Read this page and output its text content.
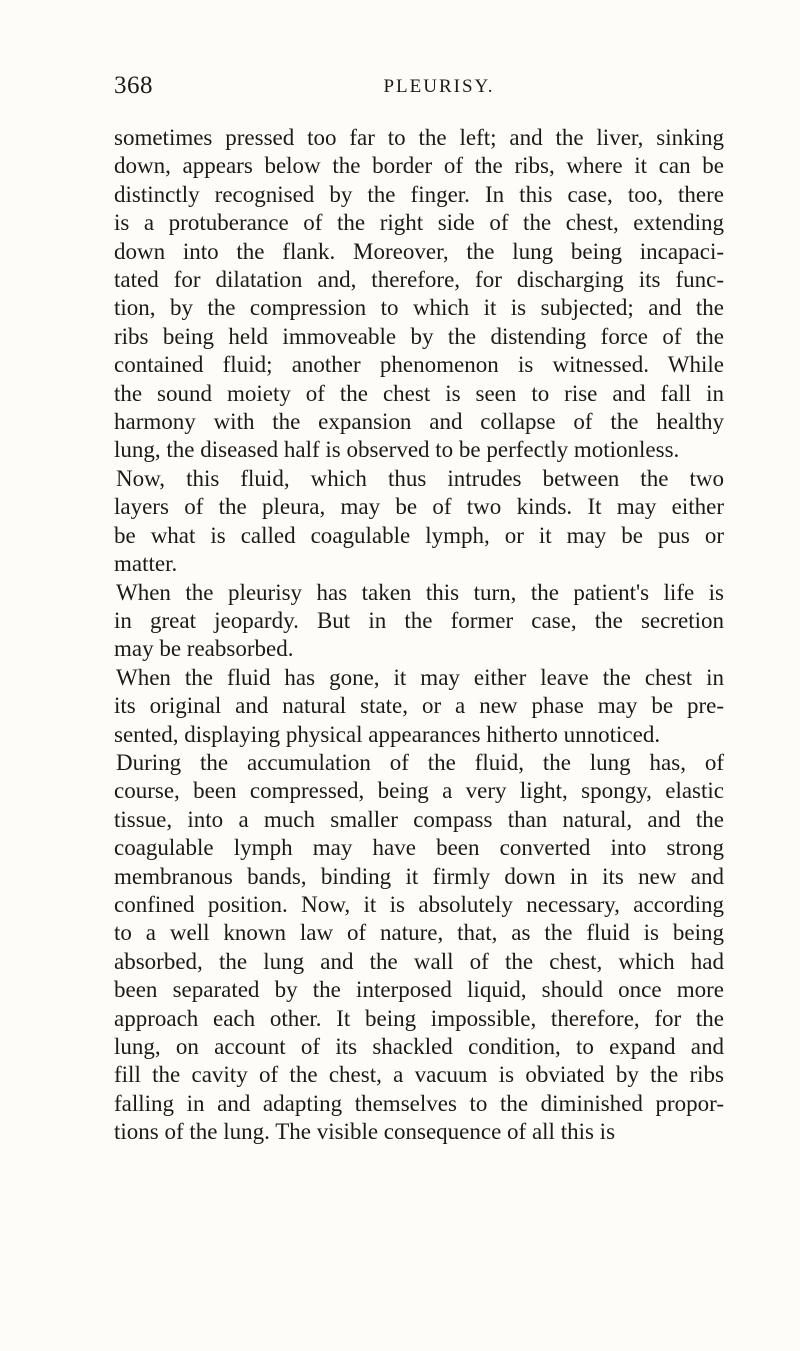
368	PLEURISY.
sometimes pressed too far to the left; and the liver, sinking
down, appears below the border of the ribs, where it can be
distinctly recognised by the finger. In this case, too, there
is a protuberance of the right side of the chest, extending
down into the flank. Moreover, the lung being incapaci-
tated for dilatation and, therefore, for discharging its func-
tion, by the compression to which it is subjected; and the
ribs being held immoveable by the distending force of the
contained fluid; another phenomenon is witnessed. While
the sound moiety of the chest is seen to rise and fall in
harmony with the expansion and collapse of the healthy
lung, the diseased half is observed to be perfectly motionless.
Now, this fluid, which thus intrudes between the two
layers of the pleura, may be of two kinds. It may either
be what is called coagulable lymph, or it may be pus or
matter.
When the pleurisy has taken this turn, the patient's life is
in great jeopardy. But in the former case, the secretion
may be reabsorbed.
When the fluid has gone, it may either leave the chest in
its original and natural state, or a new phase may be pre-
sented, displaying physical appearances hitherto unnoticed.
During the accumulation of the fluid, the lung has, of
course, been compressed, being a very light, spongy, elastic
tissue, into a much smaller compass than natural, and the
coagulable lymph may have been converted into strong
membranous bands, binding it firmly down in its new and
confined position. Now, it is absolutely necessary, according
to a well known law of nature, that, as the fluid is being
absorbed, the lung and the wall of the chest, which had
been separated by the interposed liquid, should once more
approach each other. It being impossible, therefore, for the
lung, on account of its shackled condition, to expand and
fill the cavity of the chest, a vacuum is obviated by the ribs
falling in and adapting themselves to the diminished propor-
tions of the lung. The visible consequence of all this is
